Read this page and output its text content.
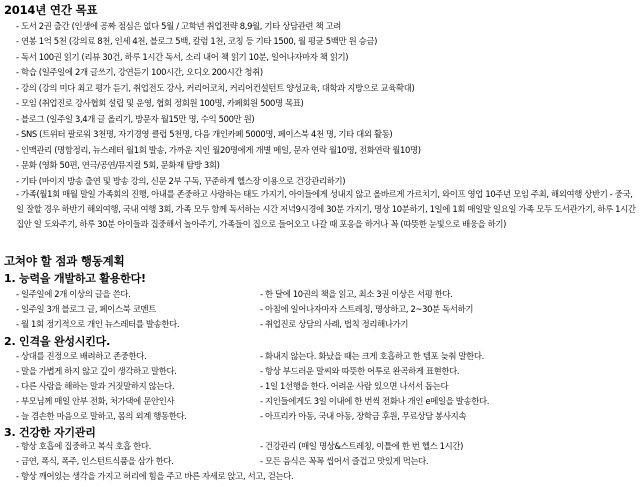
2014년 연간 목표
- 도서 2권 출간 (인생에 공짜 점심은 없다 5월 / 고학년 취업전략 8,9월, 기타 상담관련 책 고려
- 연봉 1억 5천 (강의료 8천, 인세 4천, 블로그 5백, 칼럼 1천, 코칭 등 기타 1500, 월 평균 5백만 원 승금)
- 독서 100권 읽기 (리뷰 30건, 하루 1시간 독서, 소리 내어 책 읽기 10분, 일어나자마자 책 읽기)
- 학습 (일주일에 2개 글쓰기, 강연듣기 100시간, 오디오 200시간 청취)
- 강의 (강의 미다 최고 평가 듣기, 취업전도 강사, 커리어코치, 커리어컨설턴트 양성교육, 대학과 지방으로 교육확대)
- 모임 (취업진로 강사협회 설립 및 운영, 협회 정회원 100명, 카페회원 500명 목표)
- 블로그 (일주일 3,4개 글 올리기, 방문자 월15만 명, 수익 500만 원)
- SNS (트위터 팔로워 3천명, 자기경영 클럽 5천명, 다음 개인카페 5000명, 페이스북 4천 명, 기타 대외 활동)
- 인맥관리 (명함정리, 뉴스레터 월1회 발송, 가까운 지인 월20명에게 개별 메일, 문자 연락 월10명, 전화연락 월10명)
- 문화 (영화 50편, 연극/공연/뮤지컬 5회, 문화재 탐방 3회)
- 기타 (마이지 방송 출연 및 방송 강의, 신문 2부 구독, 꾸준하게 헬스장 이용으로 건강관리하기)
- 가족(월1회 매월 말일 가족회의 진행, 아내를 존중하고 사랑하는 태도 가지기, 아이들에게 성내지 않고 올바르게 가르치기, 와이프 영업 10주년 모임 주최, 해외여행 상반기 - 중국, 일 잘할 경우 하반기 해외여행, 국내 여행 3회, 가족 모두 함께 독서하는 시간 저녁9시경에 30분 가지기, 명상 10분하기, 1일에 1회 매일말 일요일 가족 모두 도서관가기, 하루 1시간 집안 일 도와주기, 하루 30분 아이들과 집중해서 놀아주기, 가족들이 집으로 들어오고 나갈 때 포옹을 하거나 꼭 (따뜻한 눈빛으로 배웅을 하기)
고쳐야 할 점과 행동계획
1. 능력을 개발하고 활용한다!
- 일주일에 2개 이상의 글을 쓴다.
- 일주일 3개 블로그 글, 페이스북 코멘트
- 월 1회 정기적으로 개인 뉴스레터를 발송한다.
- 한 달에 10권의 책을 읽고, 최소 3권 이상은 서평 한다.
- 아침에 일어나자마자 스트레칭, 명상하고, 2~30분 독서하기
- 취업진로 상담의 사례, 법칙 정리해나가기
2. 인격을 완성시킨다.
- 상대를 진정으로 배려하고 존중한다.
- 말을 가볍게 하지 않고 깊이 생각하고 말한다.
- 다른 사람을 해하는 말과 거짓말하지 않는다.
- 부모님께 매일 안부 전화, 처가댁에 문안인사
- 늘 겸손한 마음으로 말하고, 몸의 외계 행동한다.
- 화내지 않는다. 화났을 때는 크게 호흡하고 한 템포 늦춰 말한다.
- 항상 부드러운 말씨와 따뜻한 어투로 완곡하게 표현한다.
- 1일 1선행을 한다. 어려운 사람 있으면 나서서 돕는다
- 지인들에게도 3일 이내에 한 번씩 전화나 개인 e메일을 발송한다.
- 아프리카 아동, 국내 아동, 장학금 후원, 무료상담 봉사지속
3. 건강한 자기관리
- 항상 호흡에 집중하고 복식 호흡 한다.
- 금연, 폭식, 폭주, 인스턴트식품을 삼가 한다.
- 항상 깨어있는 생각을 가지고 허리에 힘을 주고 바른 자세로 앉고, 서고, 걷는다.
- 건강관리 (매일 명상&스트레칭, 이틀에 한 번 헬스 1시간)
- 모든 음식은 꼭꼭 씹어서 즐겁고 맛있게 먹는다.
